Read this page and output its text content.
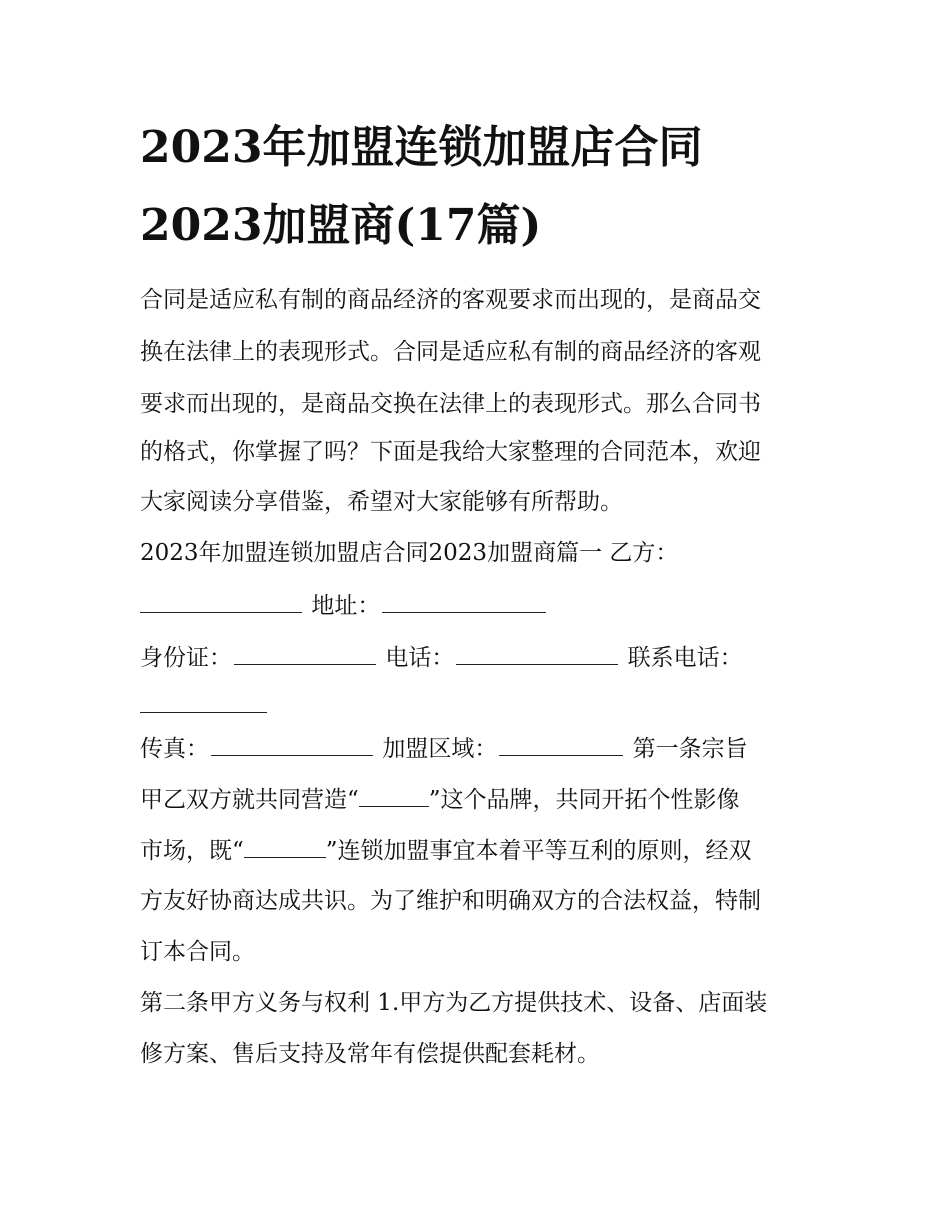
2023年加盟连锁加盟店合同
2023加盟商(17篇)
合同是适应私有制的商品经济的客观要求而出现的，是商品交
换在法律上的表现形式。合同是适应私有制的商品经济的客观
要求而出现的，是商品交换在法律上的表现形式。那么合同书
的格式，你掌握了吗？下面是我给大家整理的合同范本，欢迎
大家阅读分享借鉴，希望对大家能够有所帮助。
2023年加盟连锁加盟店合同2023加盟商篇一 乙方：
地址：
身份证：	电话：	联系电话：
传真：	加盟区域：	第一条宗旨
甲乙双方就共同营造“	”这个品牌，共同开拓个性影像
市场，既“	”连锁加盟事宜本着平等互利的原则，经双
方友好协商达成共识。为了维护和明确双方的合法权益，特制
订本合同。
第二条甲方义务与权利 1.甲方为乙方提供技术、设备、店面装
修方案、售后支持及常年有偿提供配套耗材。
